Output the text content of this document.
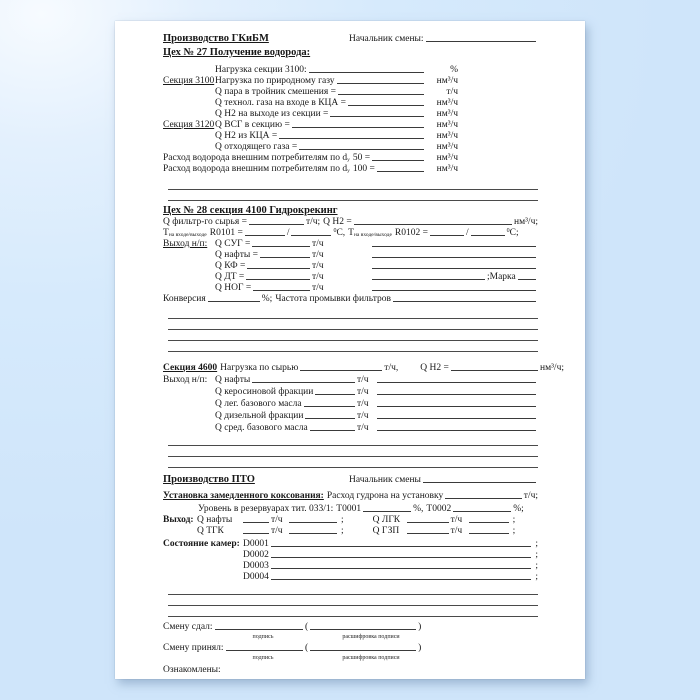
Производство ГКиБМ	Начальник смены:
Цех № 27 Получение водорода:
Нагрузка секции 3100:	%
Секция 3100 Нагрузка по природному газу	нм³/ч
Q пара в тройник смешения =	т/ч
Q технол. газа на входе в КЦА =	нм³/ч
Q Н2 на выходе из секции =	нм³/ч
Секция 3120 Q ВСГ в секцию =	нм³/ч
Q Н2 из КЦА =	нм³/ч
Q отходящего газа =	нм³/ч
Расход водорода внешним потребителям по $d_у$ 50 =	нм³/ч
Расход водорода внешним потребителям по $d_у$ 100 =	нм³/ч
Цех № 28 секция 4100 Гидрокрекинг
Q фильтр-го сырья =	т/ч; Q Н2 =	нм³/ч;
$Т_{на входе/выходе}$ R0101 =	/	$^0$ С, $Т_{на входе/выходе}$ R0102 =	/	$^0$ С;
Выход н/п: Q СУГ =	т/ч
Q нафты =	т/ч
Q КФ =	т/ч
Q ДТ =	т/ч	;Марка
Q НОГ =	т/ч
Конверсия	%; Частота промывки фильтров
Секция 4600 Нагрузка по сырью	т/ч, Q Н2 =	нм³/ч;
Выход н/п: Q нафты	т/ч
Q керосиновой фракции	т/ч
Q лег. базового масла	т/ч
Q дизельной фракции	т/ч
Q сред. базового масла	т/ч
Производство ПТО	Начальник смены
Установка замедленного коксования: Расход гудрона на установку	т/ч;
Уровень в резервуарах тит. 033/1: Т0001	%, Т0002	%;
Выход: Q нафты	т/ч	;	Q ЛГК	т/ч	;
Q ТГК	т/ч	;	Q ГЗП	т/ч	;
Состояние камер: D0001	;
D0002	;
D0003	;
D0004	;
Смену сдал:	(	)
подпись	расшифровка подписи
Смену принял:	(	)
подпись	расшифровка подписи
Ознакомлены:
